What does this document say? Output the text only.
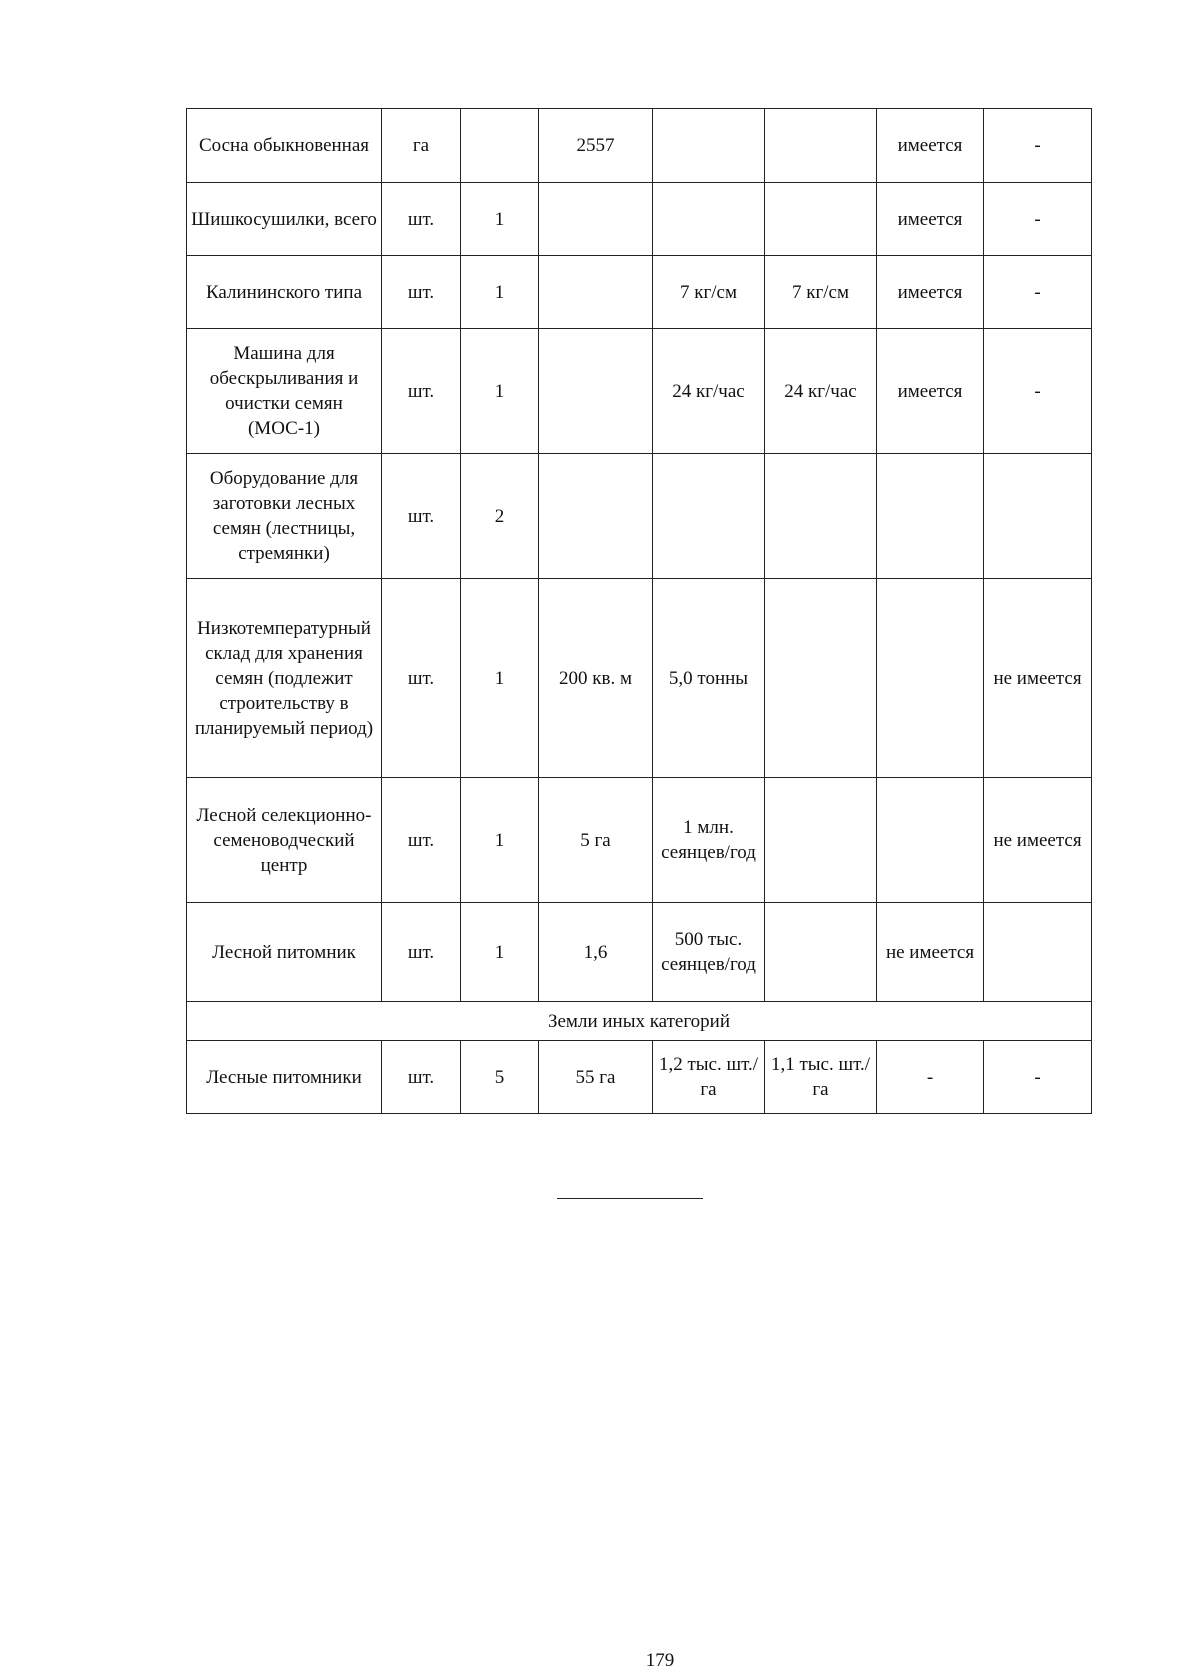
Сосна обыкновенная	га		2557			имеется	-
Шишкосушилки, всего	шт.	1				имеется	-
Калининского типа	шт.	1		7 кг/см	7 кг/см	имеется	-
Машина для обескрыливания и очистки семян (МОС-1)	шт.	1		24 кг/час	24 кг/час	имеется	-
Оборудование для заготовки лесных семян (лестницы, стремянки)	шт.	2					
Низкотемпературный склад для хранения семян (подлежит строительству в планируемый период)	шт.	1	200 кв. м	5,0 тонны			не имеется
Лесной селекционно-семеноводческий центр	шт.	1	5 га	1 млн. сеянцев/год			не имеется
Лесной питомник	шт.	1	1,6	500 тыс. сеянцев/год		не имеется	
Земли иных категорий							
Лесные питомники	шт.	5	55 га	1,2 тыс. шт./га	1,1 тыс. шт./га	-	-
179
